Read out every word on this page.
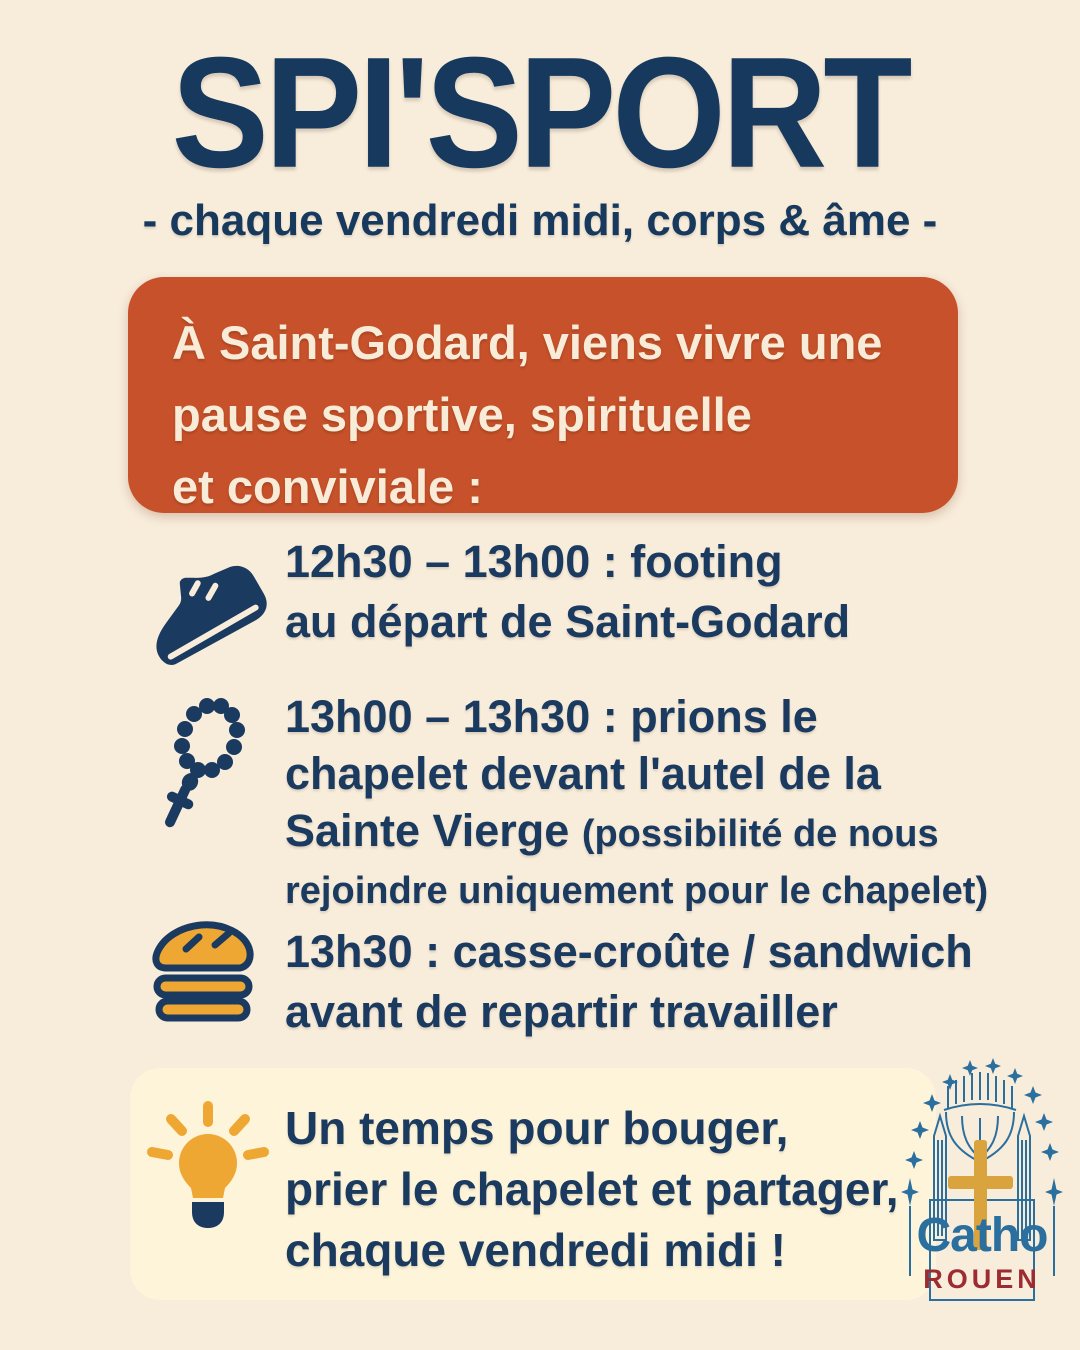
SPI'SPORT
- chaque vendredi midi, corps & âme -
À Saint-Godard, viens vivre une
pause sportive, spirituelle
et conviviale :
12h30 – 13h00 : footing
au départ de Saint-Godard
13h00 – 13h30 : prions le
chapelet devant l'autel de la
Sainte Vierge (possibilité de nous
rejoindre uniquement pour le chapelet)
13h30 : casse-croûte / sandwich
avant de repartir travailler
Un temps pour bouger,
prier le chapelet et partager,
chaque vendredi midi !	Catho
ROUEN
